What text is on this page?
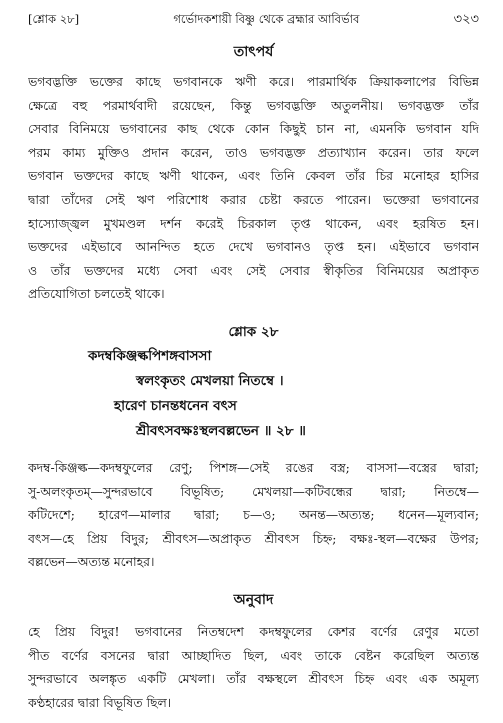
[শ্লোক ২৮]	গর্ভোদকশায়ী বিষ্ণু থেকে ব্রহ্মার আবির্ভাব	৩২৩
তাৎপর্য
ভগবদ্ভক্তি ভক্তের কাছে ভগবানকে ঋণী করে। পারমার্থিক ক্রিয়াকলাপের বিভিন্ন
ক্ষেত্রে বহু পরমার্থবাদী রয়েছেন, কিন্তু ভগবদ্ভক্তি অতুলনীয়। ভগবদ্ভক্ত তাঁর
সেবার বিনিময়ে ভগবানের কাছ থেকে কোন কিছুই চান না, এমনকি ভগবান যদি
পরম কাম্য মুক্তিও প্রদান করেন, তাও ভগবদ্ভক্ত প্রত্যাখ্যান করেন। তার ফলে
ভগবান ভক্তদের কাছে ঋণী থাকেন, এবং তিনি কেবল তাঁর চির মনোহর হাসির
দ্বারা তাঁদের সেই ঋণ পরিশোধ করার চেষ্টা করতে পারেন। ভক্তেরা ভগবানের
হাস্যোজ্জ্বল মুখমণ্ডল দর্শন করেই চিরকাল তৃপ্ত থাকেন, এবং হরষিত হন।
ভক্তদের এইভাবে আনন্দিত হতে দেখে ভগবানও তৃপ্ত হন। এইভাবে ভগবান
ও তাঁর ভক্তদের মধ্যে সেবা এবং সেই সেবার স্বীকৃতির বিনিময়ের অপ্রাকৃত
প্রতিযোগিতা চলতেই থাকে।
শ্লোক ২৮
কদম্বকিঞ্জল্কপিশঙ্গবাসসা
স্বলংকৃতং মেখলয়া নিতম্বে ।
হারেণ চানন্তধনেন বৎস
শ্রীবৎসবক্ষঃস্থলবল্লভেন ॥ ২৮ ॥
কদম্ব-কিঞ্জল্ক—কদম্বফুলের রেণু; পিশঙ্গ—সেই রঙের বস্ত্র; বাসসা—বস্ত্রের দ্বারা;
সু-অলংকৃতম্—সুন্দরভাবে বিভূষিত; মেখলয়া—কটিবন্ধের দ্বারা; নিতম্বে—
কটিদেশে; হারেণ—মালার দ্বারা; চ—ও; অনন্ত—অত্যন্ত; ধনেন—মূল্যবান;
বৎস—হে প্রিয় বিদুর; শ্রীবৎস—অপ্রাকৃত শ্রীবৎস চিহ্ন; বক্ষঃ-স্থল—বক্ষের উপর;
বল্লভেন—অত্যন্ত মনোহর।
অনুবাদ
হে প্রিয় বিদুর! ভগবানের নিতম্বদেশ কদম্বফুলের কেশর বর্ণের রেণুর মতো
পীত বর্ণের বসনের দ্বারা আচ্ছাদিত ছিল, এবং তাকে বেষ্টন করেছিল অত্যন্ত
সুন্দরভাবে অলঙ্কৃত একটি মেখলা। তাঁর বক্ষস্থলে শ্রীবৎস চিহ্ন এবং এক অমূল্য
কণ্ঠহারের দ্বারা বিভূষিত ছিল।
